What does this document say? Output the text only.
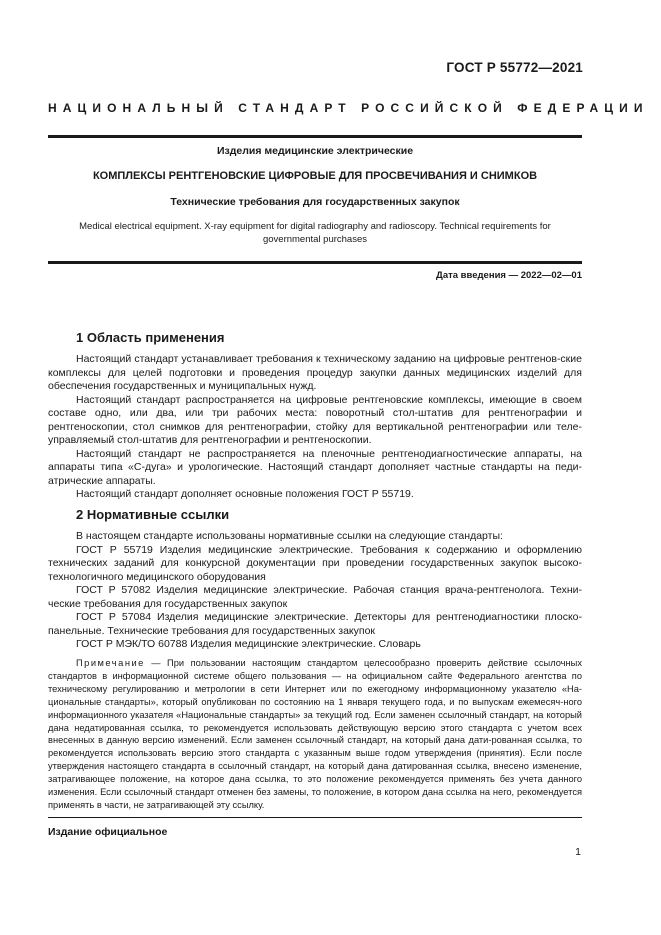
ГОСТ Р 55772—2021
НАЦИОНАЛЬНЫЙ СТАНДАРТ РОССИЙСКОЙ ФЕДЕРАЦИИ
Изделия медицинские электрические
КОМПЛЕКСЫ РЕНТГЕНОВСКИЕ ЦИФРОВЫЕ ДЛЯ ПРОСВЕЧИВАНИЯ И СНИМКОВ
Технические требования для государственных закупок
Medical electrical equipment. X-ray equipment for digital radiography and radioscopy. Technical requirements for
governmental purchases
Дата введения — 2022—02—01
1 Область применения

Настоящий стандарт устанавливает требования к техническому заданию на цифровые рентгенов-ские комплексы для целей подготовки и проведения процедур закупки данных медицинских изделий для обеспечения государственных и муниципальных нужд.

Настоящий стандарт распространяется на цифровые рентгеновские комплексы, имеющие в своем составе одно, или два, или три рабочих места: поворотный стол-штатив для рентгенографии и рентгеноскопии, стол снимков для рентгенографии, стойку для вертикальной рентгенографии или теле-управляемый стол-штатив для рентгенографии и рентгеноскопии.

Настоящий стандарт не распространяется на пленочные рентгенодиагностические аппараты, на аппараты типа «С-дуга» и урологические. Настоящий стандарт дополняет частные стандарты на педи-атрические аппараты.

Настоящий стандарт дополняет основные положения ГОСТ Р 55719.

2 Нормативные ссылки

В настоящем стандарте использованы нормативные ссылки на следующие стандарты:

ГОСТ Р 55719 Изделия медицинские электрические. Требования к содержанию и оформлению технических заданий для конкурсной документации при проведении государственных закупок высоко-технологичного медицинского оборудования

ГОСТ Р 57082 Изделия медицинские электрические. Рабочая станция врача-рентгенолога. Техни-ческие требования для государственных закупок

ГОСТ Р 57084 Изделия медицинские электрические. Детекторы для рентгенодиагностики плоско-панельные. Технические требования для государственных закупок

ГОСТ Р МЭК/ТО 60788 Изделия медицинские электрические. Словарь

Примечание — При пользовании настоящим стандартом целесообразно проверить действие ссылочных стандартов в информационной системе общего пользования — на официальном сайте Федерального агентства по техническому регулированию и метрологии в сети Интернет или по ежегодному информационному указателю «На-циональные стандарты», который опубликован по состоянию на 1 января текущего года, и по выпускам ежемесяч-ного информационного указателя «Национальные стандарты» за текущий год. Если заменен ссылочный стандарт, на который дана недатированная ссылка, то рекомендуется использовать действующую версию этого стандарта с учетом всех внесенных в данную версию изменений. Если заменен ссылочный стандарт, на который дана дати-рованная ссылка, то рекомендуется использовать версию этого стандарта с указанным выше годом утверждения (принятия). Если после утверждения настоящего стандарта в ссылочный стандарт, на который дана датированная ссылка, внесено изменение, затрагивающее положение, на которое дана ссылка, то это положение рекомендуется применять без учета данного изменения. Если ссылочный стандарт отменен без замены, то положение, в котором дана ссылка на него, рекомендуется применять в части, не затрагивающей эту ссылку.

Издание официальное
1
